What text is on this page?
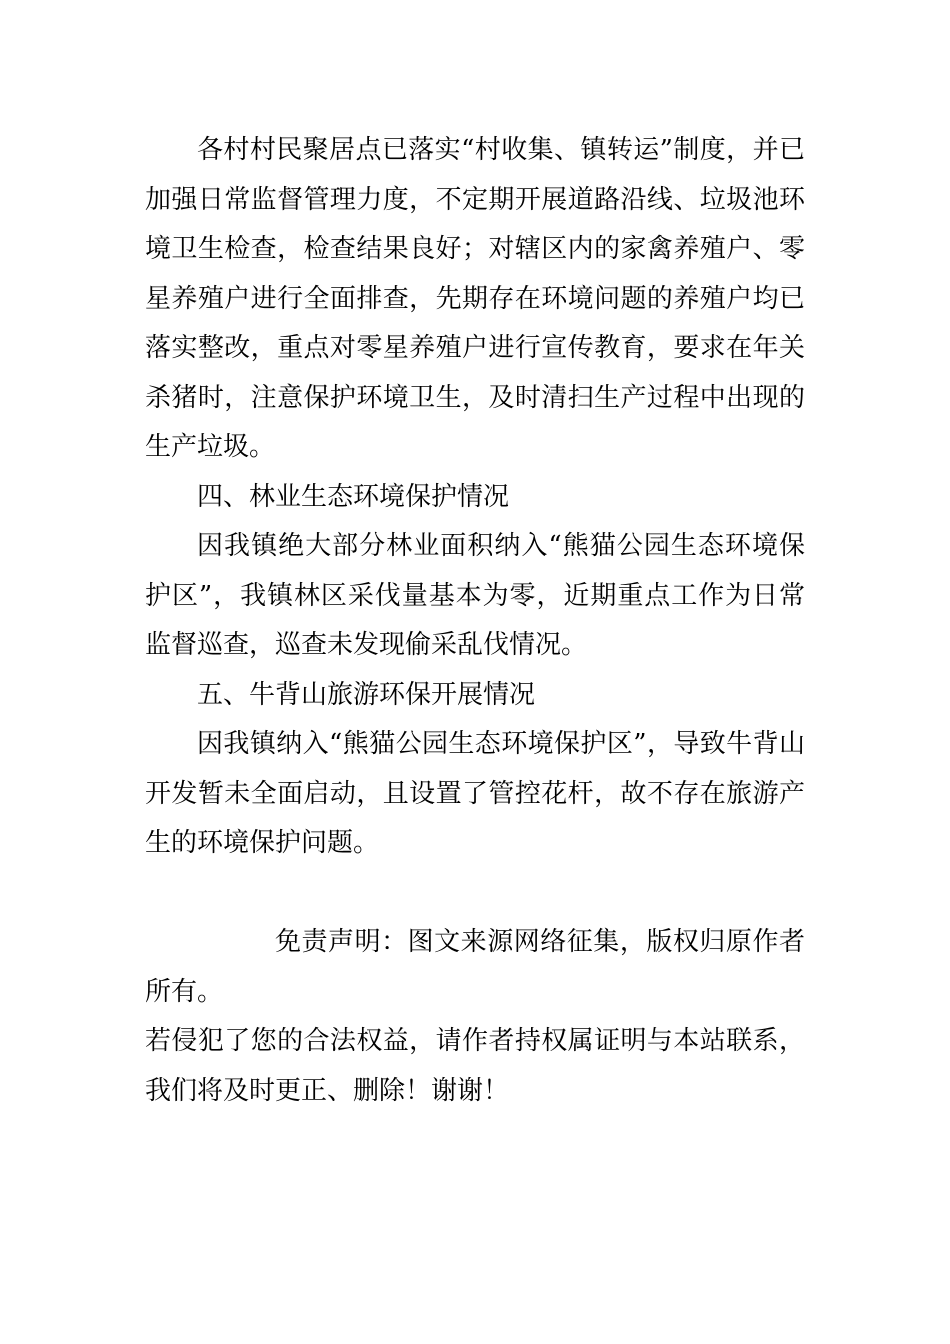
各村村民聚居点已落实“村收集、镇转运”制度，并已加强日常监督管理力度，不定期开展道路沿线、垃圾池环境卫生检查，检查结果良好；对辖区内的家禽养殖户、零星养殖户进行全面排查，先期存在环境问题的养殖户均已落实整改，重点对零星养殖户进行宣传教育，要求在年关杀猪时，注意保护环境卫生，及时清扫生产过程中出现的生产垃圾。

四、林业生态环境保护情况

因我镇绝大部分林业面积纳入“熊猫公园生态环境保护区”，我镇林区采伐量基本为零，近期重点工作为日常监督巡查，巡查未发现偷采乱伐情况。

五、牛背山旅游环保开展情况

因我镇纳入“熊猫公园生态环境保护区”，导致牛背山开发暂未全面启动，且设置了管控花杆，故不存在旅游产生的环境保护问题。

免责声明：图文来源网络征集，版权归原作者所有。

若侵犯了您的合法权益，请作者持权属证明与本站联系，我们将及时更正、删除！谢谢！
